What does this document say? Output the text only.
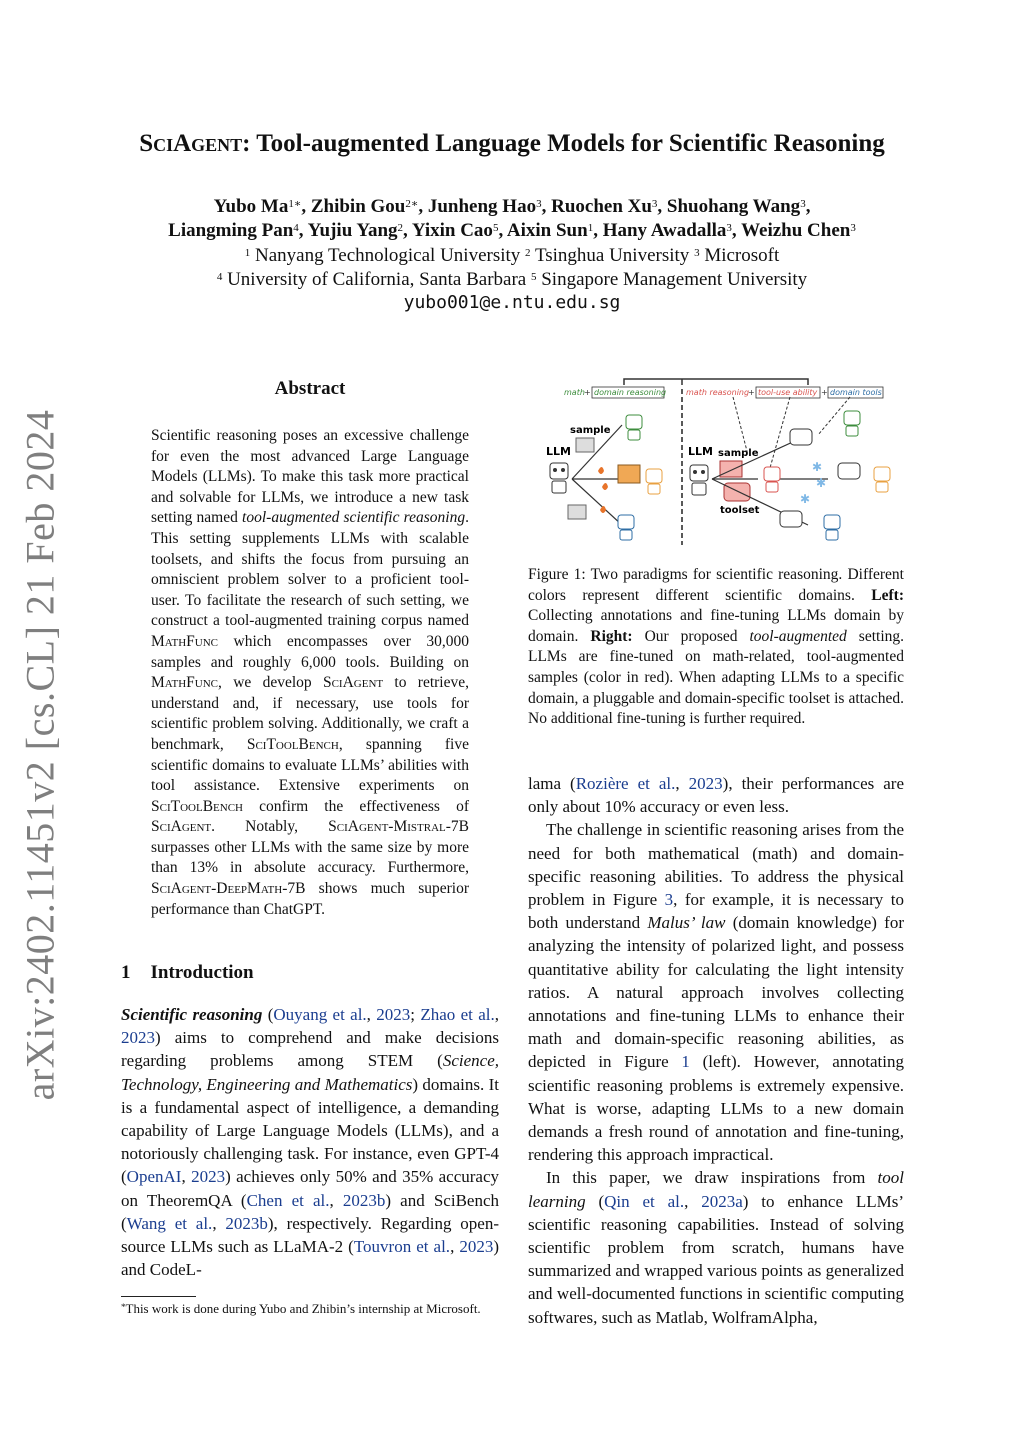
arXiv:2402.11451v2 [cs.CL] 21 Feb 2024
SciAgent: Tool-augmented Language Models for Scientific Reasoning
Yubo $Ma^{1∗}$, Zhibin Gou$^{2∗}$, Junheng Hao$^3$, Ruochen Xu$^3$, Shuohang Wang$^3$,
Liangming Pan$^4$, Yujiu Yang$^2$, Yixin Cao$^5$, Aixin Sun$^1$, Hany Awadalla$^3$, Weizhu Chen$^3$
$^1$ Nanyang Technological University $^2$ Tsinghua University $^3$ Microsoft
$^4$ University of California, Santa Barbara $^5$ Singapore Management University
yubo001@e.ntu.edu.sg
Abstract
Scientific reasoning poses an excessive challenge for even the most advanced Large Language Models (LLMs). To make this task more practical and solvable for LLMs, we introduce a new task setting named tool-augmented scientific reasoning. This setting supplements LLMs with scalable toolsets, and shifts the focus from pursuing an omniscient problem solver to a proficient tool-user. To facilitate the research of such setting, we construct a tool-augmented training corpus named MathFunc which encompasses over 30,000 samples and roughly 6,000 tools. Building on MathFunc, we develop SciAgent to retrieve, understand and, if necessary, use tools for scientific problem solving. Additionally, we craft a benchmark, SciToolBench, spanning five scientific domains to evaluate LLMs’ abilities with tool assistance. Extensive experiments on SciToolBench confirm the effectiveness of SciAgent. Notably, SciAgent-Mistral-7B surpasses other LLMs with the same size by more than 13% in absolute accuracy. Furthermore, SciAgent-DeepMath-7B shows much superior performance than ChatGPT.
1 Introduction
Scientific reasoning (Ouyang et al., 2023; Zhao et al., 2023) aims to comprehend and make decisions regarding problems among STEM (Science, Technology, Engineering and Mathematics) domains. It is a fundamental aspect of intelligence, a demanding capability of Large Language Models (LLMs), and a notoriously challenging task. For instance, even GPT-4 (OpenAI, 2023) achieves only 50% and 35% accuracy on TheoremQA (Chen et al., 2023b) and SciBench (Wang et al., 2023b), respectively. Regarding open-source LLMs such as LLaMA-2 (Touvron et al., 2023) and CodeL-
*This work is done during Yubo and Zhibin’s internship at Microsoft.
math + domain reasoning math reasoning
+ tool-use ability + domain tools
LLM
sample
LLM sample
toolset
✱
✱
✱
Figure 1: Two paradigms for scientific reasoning. Different colors represent different scientific domains. Left: Collecting annotations and fine-tuning LLMs domain by domain. Right: Our proposed tool-augmented setting. LLMs are fine-tuned on math-related, tool-augmented samples (color in red). When adapting LLMs to a specific domain, a pluggable and domain-specific toolset is attached. No additional fine-tuning is further required.

lama (Rozière et al., 2023), their performances are only about 10% accuracy or even less.

The challenge in scientific reasoning arises from the need for both mathematical (math) and domain-specific reasoning abilities. To address the physical problem in Figure 3, for example, it is necessary to both understand Malus’ law (domain knowledge) for analyzing the intensity of polarized light, and possess quantitative ability for calculating the light intensity ratios. A natural approach involves collecting annotations and fine-tuning LLMs to enhance their math and domain-specific reasoning abilities, as depicted in Figure 1 (left). However, annotating scientific reasoning problems is extremely expensive. What is worse, adapting LLMs to a new domain demands a fresh round of annotation and fine-tuning, rendering this approach impractical.

In this paper, we draw inspirations from tool learning (Qin et al., 2023a) to enhance LLMs’ scientific reasoning capabilities. Instead of solving scientific problem from scratch, humans have summarized and wrapped various points as generalized and well-documented functions in scientific computing softwares, such as Matlab, WolframAlpha,
